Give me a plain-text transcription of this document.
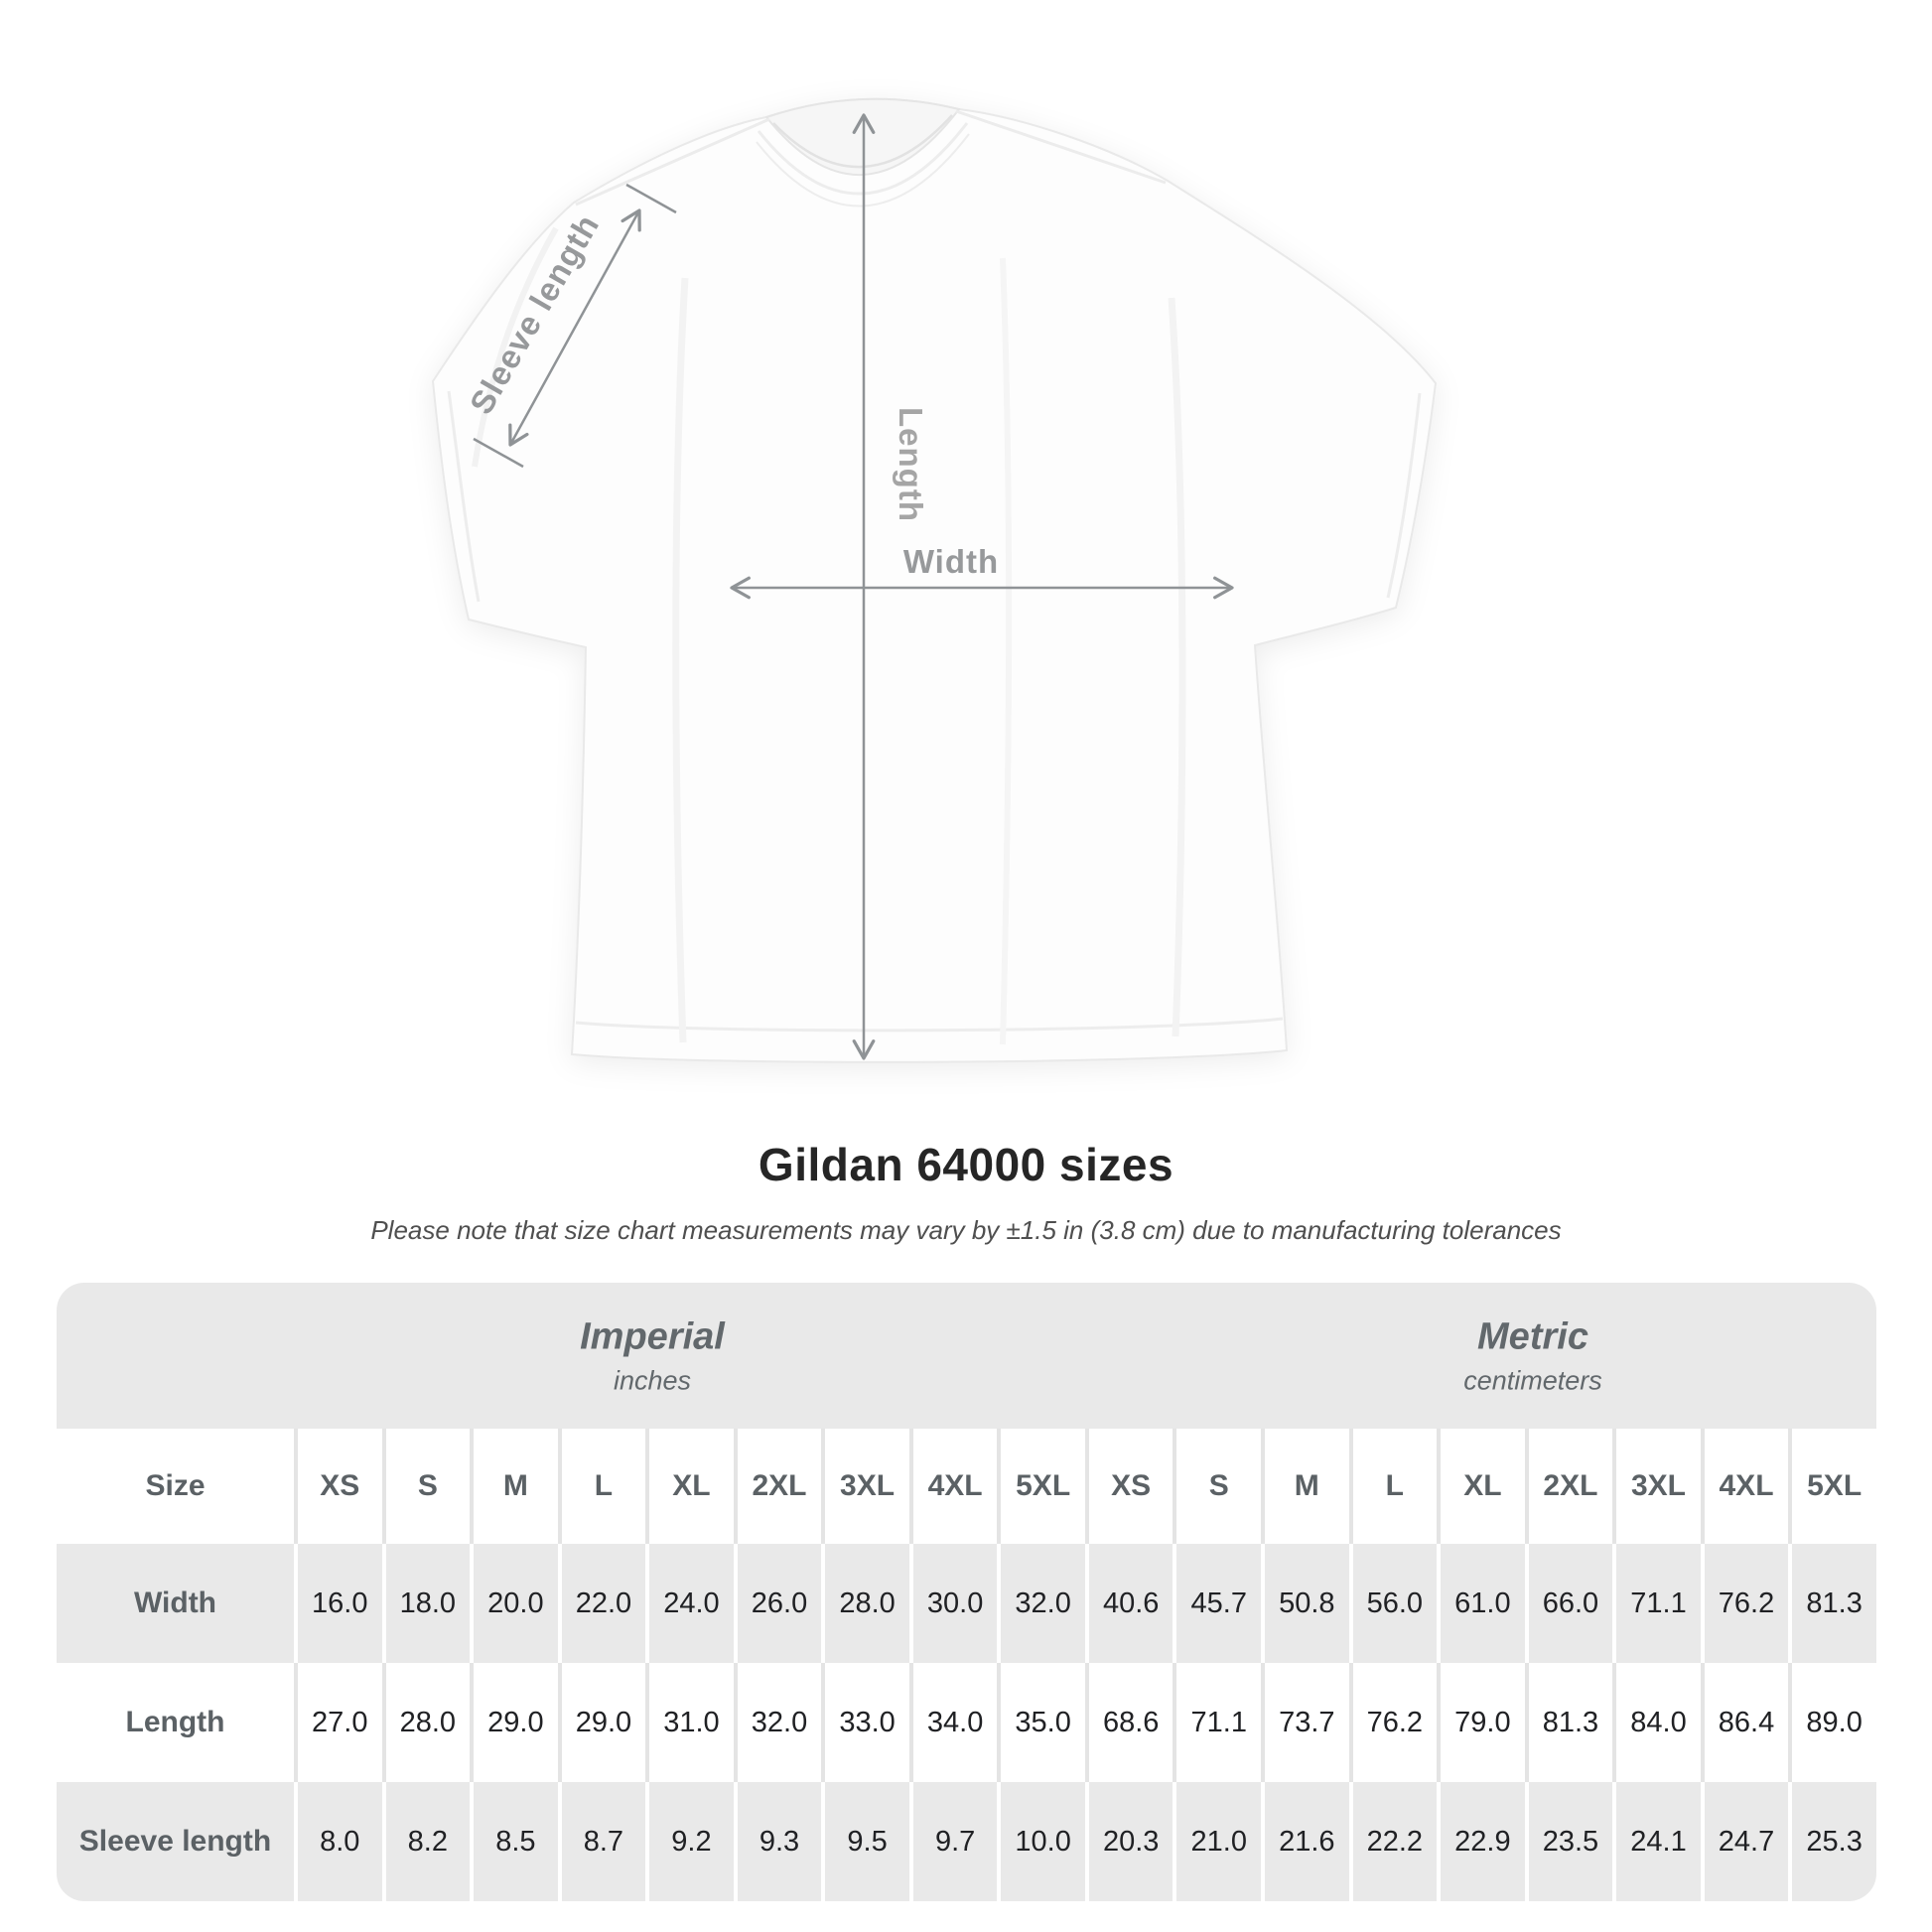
Sleeve length
Length
Width
Gildan 64000 sizes

Please note that size chart measurements may vary by ±1.5 in (3.8 cm) due to manufacturing tolerances

Imperial
inches
Metric
centimeters																		

Size	XS	S	M	L	XL	2XL	3XL	4XL	5XL	XS	S	M	L	XL	2XL	3XL	4XL	5XL
Width	16.0	18.0	20.0	22.0	24.0	26.0	28.0	30.0	32.0	40.6	45.7	50.8	56.0	61.0	66.0	71.1	76.2	81.3
Length	27.0	28.0	29.0	29.0	31.0	32.0	33.0	34.0	35.0	68.6	71.1	73.7	76.2	79.0	81.3	84.0	86.4	89.0
Sleeve length	8.0	8.2	8.5	8.7	9.2	9.3	9.5	9.7	10.0	20.3	21.0	21.6	22.2	22.9	23.5	24.1	24.7	25.3
